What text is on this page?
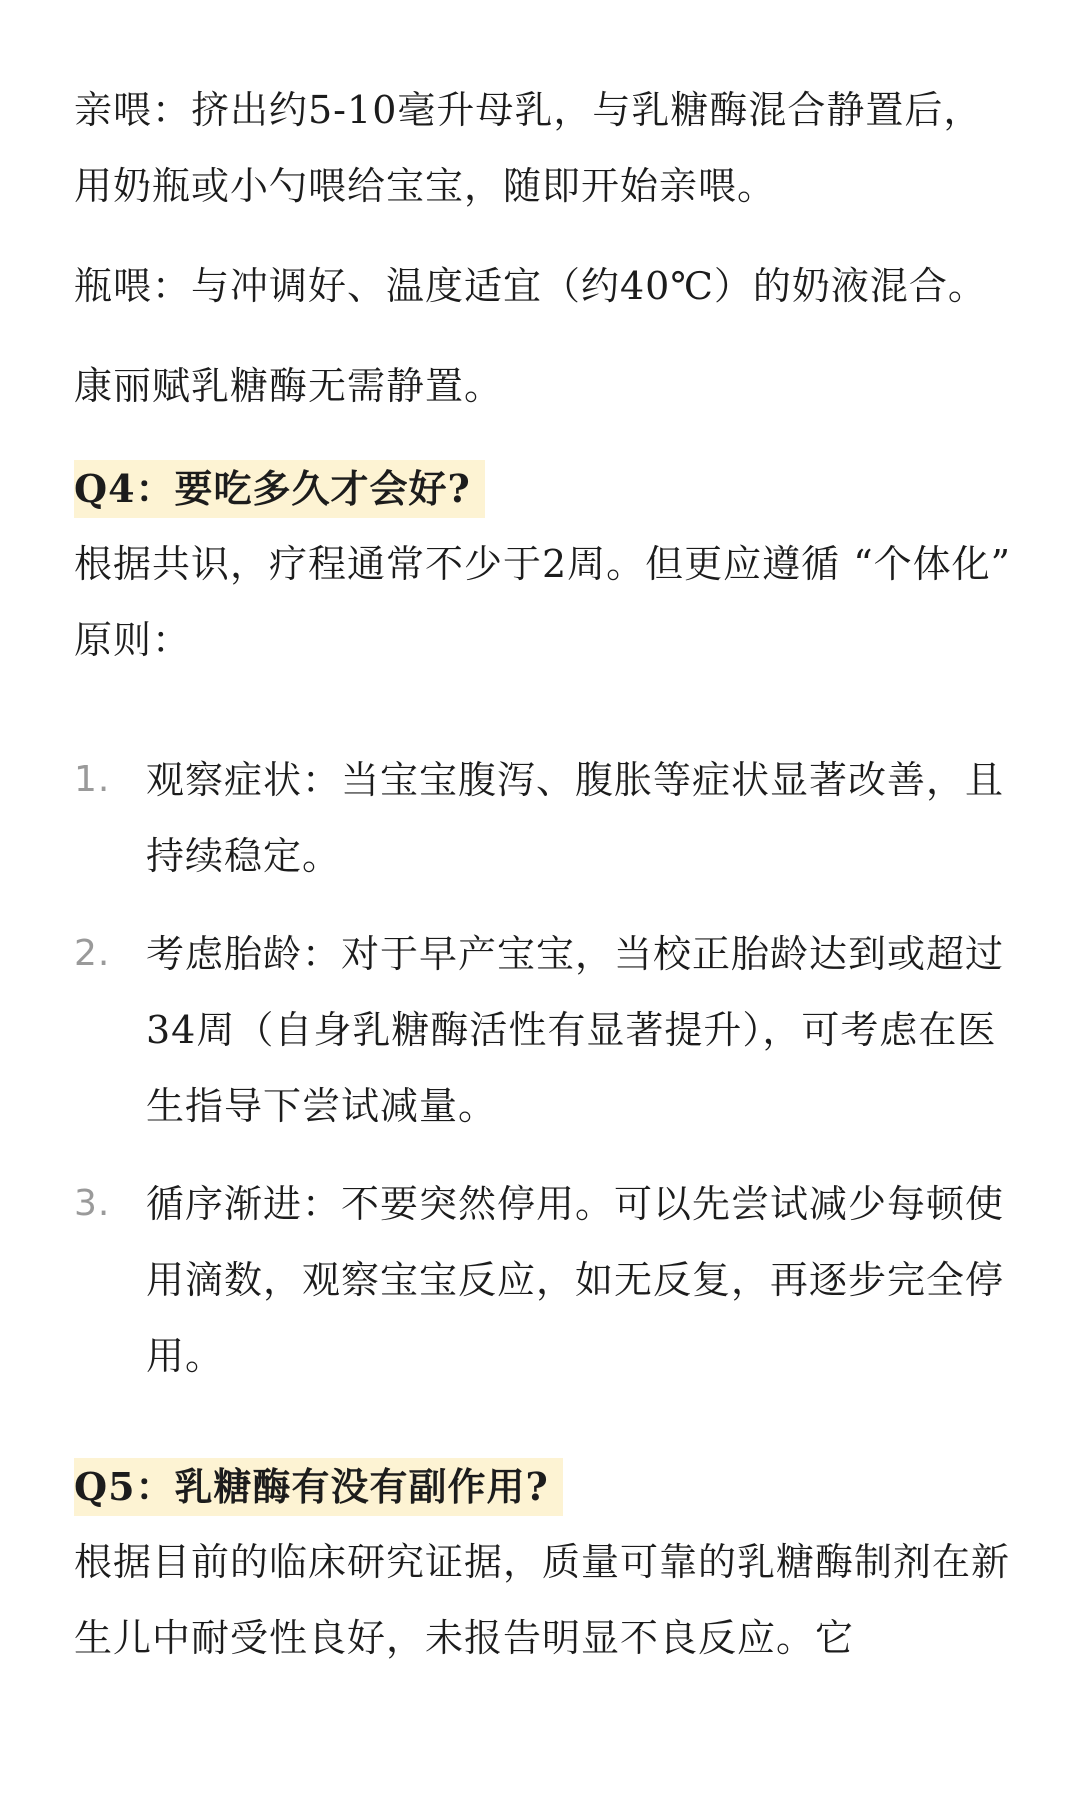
亲喂：挤出约5-10毫升母乳，与乳糖酶混合静置后，用奶瓶或小勺喂给宝宝，随即开始亲喂。

瓶喂：与冲调好、温度适宜（约40℃）的奶液混合。

康丽赋乳糖酶无需静置。

Q4：要吃多久才会好?

根据共识，疗程通常不少于2周。但更应遵循 “个体化” 原则：

1. 观察症状：当宝宝腹泻、腹胀等症状显著改善，且持续稳定。
2. 考虑胎龄：对于早产宝宝，当校正胎龄达到或超过34周（自身乳糖酶活性有显著提升），可考虑在医生指导下尝试减量。
3. 循序渐进：不要突然停用。可以先尝试减少每顿使用滴数，观察宝宝反应，如无反复，再逐步完全停用。
Q5：乳糖酶有没有副作用?

根据目前的临床研究证据，质量可靠的乳糖酶制剂在新生儿中耐受性良好，未报告明显不良反应。它
